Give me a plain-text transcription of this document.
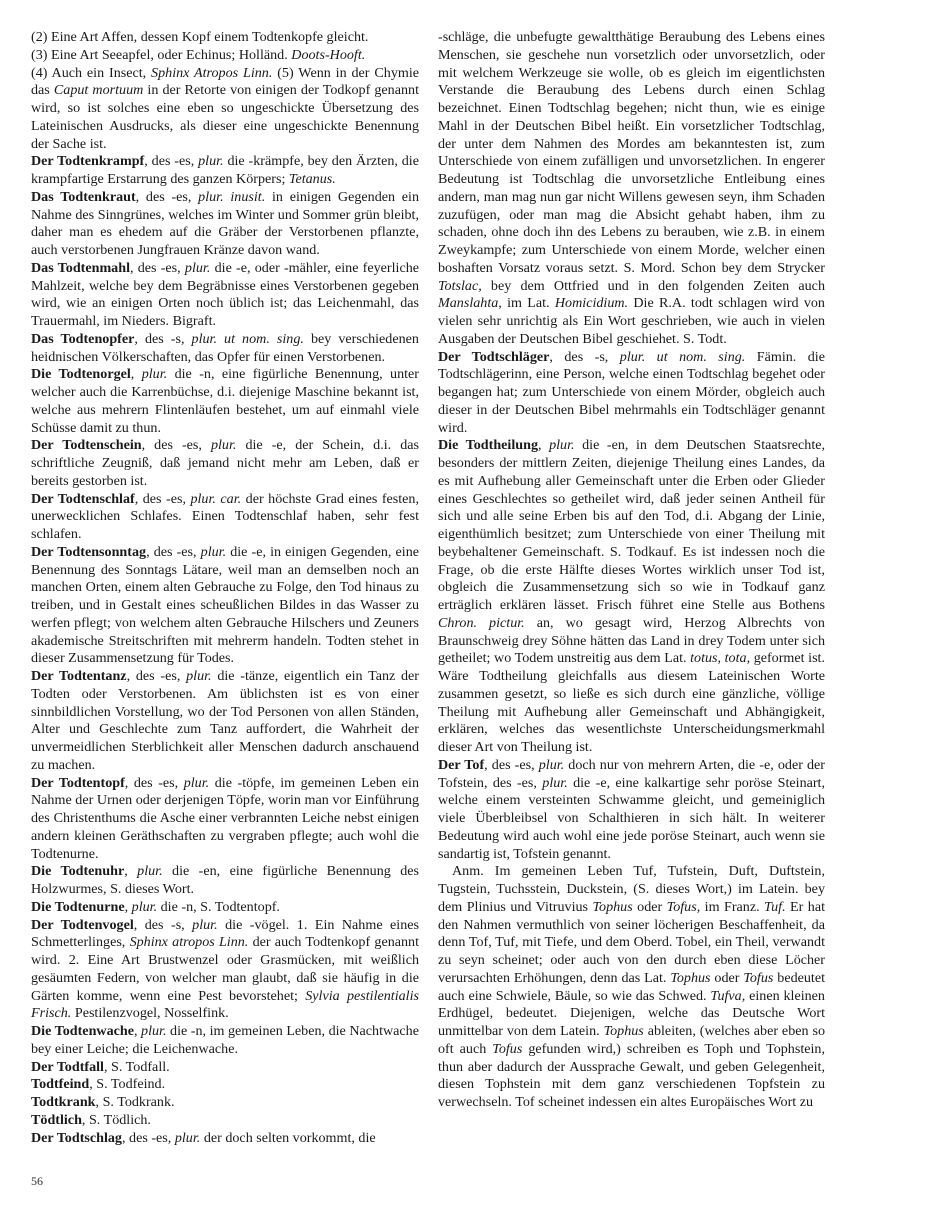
(2) Eine Art Affen, dessen Kopf einem Todtenkopfe gleicht.

(3) Eine Art Seeapfel, oder Echinus; Holländ. Doots-Hooft.

(4) Auch ein Insect, Sphinx Atropos Linn. (5) Wenn in der Chymie das Caput mortuum in der Retorte von einigen der Todkopf genannt wird, so ist solches eine eben so ungeschickte Übersetzung des Lateinischen Ausdrucks, als dieser eine ungeschickte Benennung der Sache ist.

Der Todtenkrampf, des -es, plur. die -krämpfe, bey den Ärzten, die krampfartige Erstarrung des ganzen Körpers; Tetanus.

Das Todtenkraut, des -es, plur. inusit. in einigen Gegenden ein Nahme des Sinngrünes, welches im Winter und Sommer grün bleibt, daher man es ehedem auf die Gräber der Verstorbenen pflanzte, auch verstorbenen Jungfrauen Kränze davon wand.

Das Todtenmahl, des -es, plur. die -e, oder -mähler, eine feyerliche Mahlzeit, welche bey dem Begräbnisse eines Verstorbenen gegeben wird, wie an einigen Orten noch üblich ist; das Leichenmahl, das Trauermahl, im Nieders. Bigraft.

Das Todtenopfer, des -s, plur. ut nom. sing. bey verschiedenen heidnischen Völkerschaften, das Opfer für einen Verstorbenen.

Die Todtenorgel, plur. die -n, eine figürliche Benennung, unter welcher auch die Karrenbüchse, d.i. diejenige Maschine bekannt ist, welche aus mehrern Flintenläufen bestehet, um auf einmahl viele Schüsse damit zu thun.

Der Todtenschein, des -es, plur. die -e, der Schein, d.i. das schriftliche Zeugniß, daß jemand nicht mehr am Leben, daß er bereits gestorben ist.

Der Todtenschlaf, des -es, plur. car. der höchste Grad eines festen, unerwecklichen Schlafes. Einen Todtenschlaf haben, sehr fest schlafen.

Der Todtensonntag, des -es, plur. die -e, in einigen Gegenden, eine Benennung des Sonntags Lätare, weil man an demselben noch an manchen Orten, einem alten Gebrauche zu Folge, den Tod hinaus zu treiben, und in Gestalt eines scheußlichen Bildes in das Wasser zu werfen pflegt; von welchem alten Gebrauche Hilschers und Zeuners akademische Streitschriften mit mehrerm handeln. Todten stehet in dieser Zusammensetzung für Todes.

Der Todtentanz, des -es, plur. die -tänze, eigentlich ein Tanz der Todten oder Verstorbenen. Am üblichsten ist es von einer sinnbildlichen Vorstellung, wo der Tod Personen von allen Ständen, Alter und Geschlechte zum Tanz auffordert, die Wahrheit der unvermeidlichen Sterblichkeit aller Menschen dadurch anschauend zu machen.

Der Todtentopf, des -es, plur. die -töpfe, im gemeinen Leben ein Nahme der Urnen oder derjenigen Töpfe, worin man vor Einführung des Christenthums die Asche einer verbrannten Leiche nebst einigen andern kleinen Geräthschaften zu vergraben pflegte; auch wohl die Todtenurne.

Die Todtenuhr, plur. die -en, eine figürliche Benennung des Holzwurmes, S. dieses Wort.

Die Todtenurne, plur. die -n, S. Todtentopf.

Der Todtenvogel, des -s, plur. die -vögel. 1. Ein Nahme eines Schmetterlinges, Sphinx atropos Linn. der auch Todtenkopf genannt wird. 2. Eine Art Brustwenzel oder Grasmücken, mit weißlich gesäumten Federn, von welcher man glaubt, daß sie häufig in die Gärten komme, wenn eine Pest bevorstehet; Sylvia pestilentialis Frisch. Pestilenzvogel, Nosselfink.

Die Todtenwache, plur. die -n, im gemeinen Leben, die Nachtwache bey einer Leiche; die Leichenwache.

Der Todtfall, S. Todfall.

Todtfeind, S. Todfeind.

Todtkrank, S. Todkrank.

Tödtlich, S. Tödlich.

Der Todtschlag, des -es, plur. der doch selten vorkommt, die

-schläge, die unbefugte gewaltthätige Beraubung des Lebens eines Menschen, sie geschehe nun vorsetzlich oder unvorsetzlich, oder mit welchem Werkzeuge sie wolle, ob es gleich im eigentlichsten Verstande die Beraubung des Lebens durch einen Schlag bezeichnet. Einen Todtschlag begehen; nicht thun, wie es einige Mahl in der Deutschen Bibel heißt. Ein vorsetzlicher Todtschlag, der unter dem Nahmen des Mordes am bekanntesten ist, zum Unterschiede von einem zufälligen und unvorsetzlichen. In engerer Bedeutung ist Todtschlag die unvorsetzliche Entleibung eines andern, man mag nun gar nicht Willens gewesen seyn, ihm Schaden zuzufügen, oder man mag die Absicht gehabt haben, ihm zu schaden, ohne doch ihn des Lebens zu berauben, wie z.B. in einem Zweykampfe; zum Unterschiede von einem Morde, welcher einen boshaften Vorsatz voraus setzt. S. Mord. Schon bey dem Strycker Totslac, bey dem Ottfried und in den folgenden Zeiten auch Manslahta, im Lat. Homicidium. Die R.A. todt schlagen wird von vielen sehr unrichtig als Ein Wort geschrieben, wie auch in vielen Ausgaben der Deutschen Bibel geschiehet. S. Todt.

Der Todtschläger, des -s, plur. ut nom. sing. Fämin. die Todtschlägerinn, eine Person, welche einen Todtschlag begehet oder begangen hat; zum Unterschiede von einem Mörder, obgleich auch dieser in der Deutschen Bibel mehrmahls ein Todtschläger genannt wird.

Die Todtheilung, plur. die -en, in dem Deutschen Staatsrechte, besonders der mittlern Zeiten, diejenige Theilung eines Landes, da es mit Aufhebung aller Gemeinschaft unter die Erben oder Glieder eines Geschlechtes so getheilet wird, daß jeder seinen Antheil für sich und alle seine Erben bis auf den Tod, d.i. Abgang der Linie, eigenthümlich besitzet; zum Unterschiede von einer Theilung mit beybehaltener Gemeinschaft. S. Todkauf. Es ist indessen noch die Frage, ob die erste Hälfte dieses Wortes wirklich unser Tod ist, obgleich die Zusammensetzung sich so wie in Todkauf ganz erträglich erklären lässet. Frisch führet eine Stelle aus Bothens Chron. pictur. an, wo gesagt wird, Herzog Albrechts von Braunschweig drey Söhne hätten das Land in drey Todem unter sich getheilet; wo Todem unstreitig aus dem Lat. totus, tota, geformet ist. Wäre Todtheilung gleichfalls aus diesem Lateinischen Worte zusammen gesetzt, so ließe es sich durch eine gänzliche, völlige Theilung mit Aufhebung aller Gemeinschaft und Abhängigkeit, erklären, welches das wesentlichste Unterscheidungsmerkmahl dieser Art von Theilung ist.

Der Tof, des -es, plur. doch nur von mehrern Arten, die -e, oder der Tofstein, des -es, plur. die -e, eine kalkartige sehr poröse Steinart, welche einem versteinten Schwamme gleicht, und gemeiniglich viele Überbleibsel von Schalthieren in sich hält. In weiterer Bedeutung wird auch wohl eine jede poröse Steinart, auch wenn sie sandartig ist, Tofstein genannt.

Anm. Im gemeinen Leben Tuf, Tufstein, Duft, Duftstein, Tugstein, Tuchsstein, Duckstein, (S. dieses Wort,) im Latein. bey dem Plinius und Vitruvius Tophus oder Tofus, im Franz. Tuf. Er hat den Nahmen vermuthlich von seiner löcherigen Beschaffenheit, da denn Tof, Tuf, mit Tiefe, und dem Oberd. Tobel, ein Theil, verwandt zu seyn scheinet; oder auch von den durch eben diese Löcher verursachten Erhöhungen, denn das Lat. Tophus oder Tofus bedeutet auch eine Schwiele, Bäule, so wie das Schwed. Tufva, einen kleinen Erdhügel, bedeutet. Diejenigen, welche das Deutsche Wort unmittelbar von dem Latein. Tophus ableiten, (welches aber eben so oft auch Tofus gefunden wird,) schreiben es Toph und Tophstein, thun aber dadurch der Aussprache Gewalt, und geben Gelegenheit, diesen Tophstein mit dem ganz verschiedenen Topfstein zu verwechseln. Tof scheinet indessen ein altes Europäisches Wort zu

56
